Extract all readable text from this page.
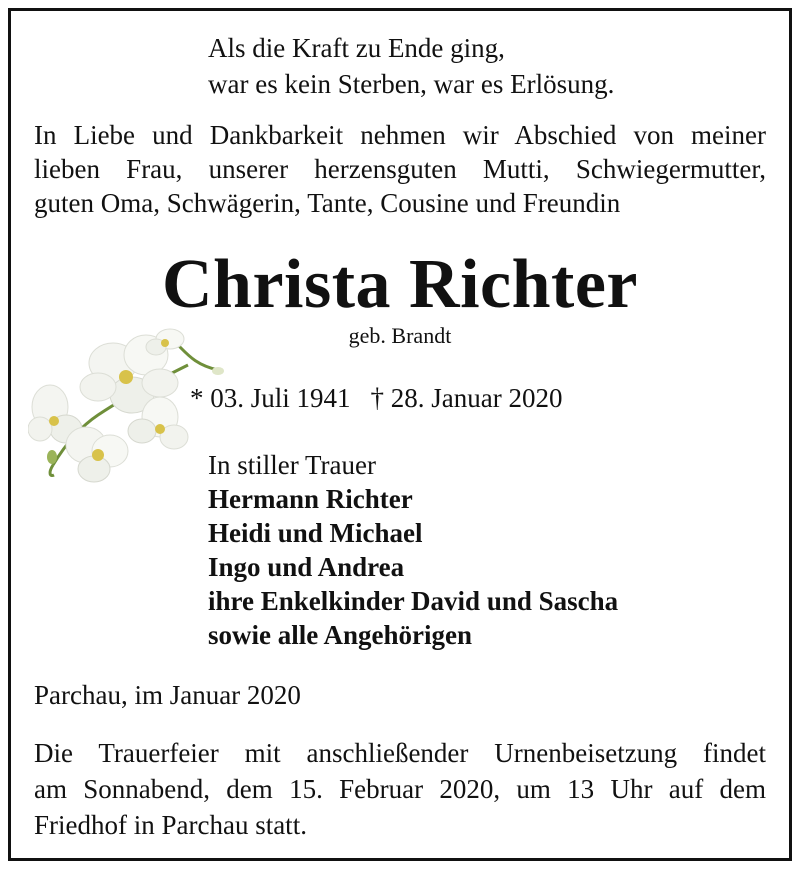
Als die Kraft zu Ende ging,
war es kein Sterben, war es Erlösung.

In Liebe und Dankbarkeit nehmen wir Abschied von meiner
lieben Frau, unserer herzensguten Mutti, Schwiegermutter,
guten Oma, Schwägerin, Tante, Cousine und Freundin

Christa Richter

geb. Brandt

* 03. Juli 1941 † 28. Januar 2020

In stiller Trauer
Hermann Richter
Heidi und Michael
Ingo und Andrea
ihre Enkelkinder David und Sascha
sowie alle Angehörigen

Parchau, im Januar 2020

Die Trauerfeier mit anschließender Urnenbeisetzung findet
am Sonnabend, dem 15. Februar 2020, um 13 Uhr auf dem
Friedhof in Parchau statt.
